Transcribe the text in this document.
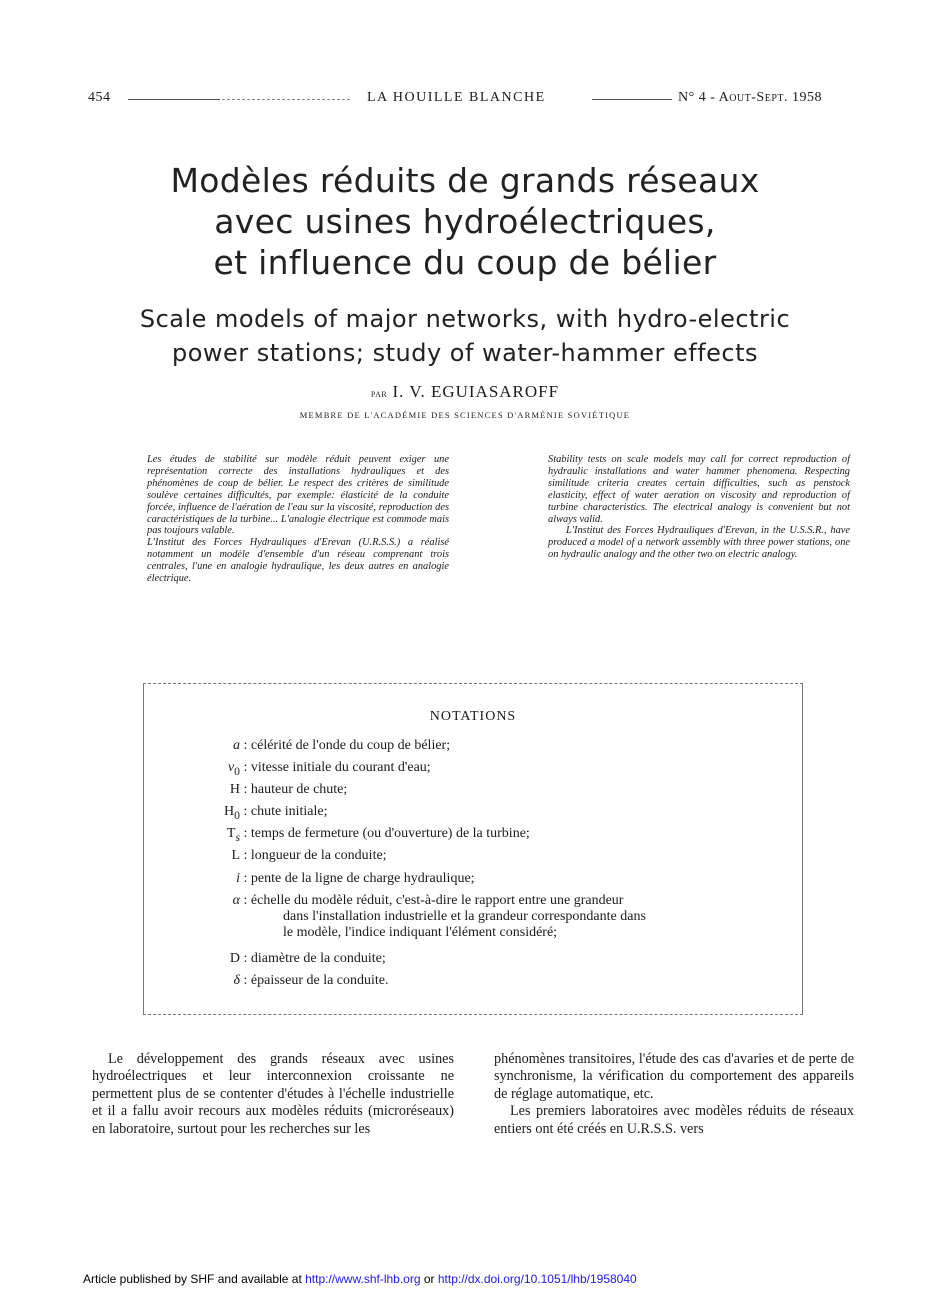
454	LA HOUILLE BLANCHE	N° 4 - Aout-Sept. 1958
Modèles réduits de grands réseaux
avec usines hydroélectriques,
et influence du coup de bélier
Scale models of major networks, with hydro-electric
power stations; study of water-hammer effects
par I. V. EGUIASAROFF
MEMBRE DE L'ACADÉMIE DES SCIENCES D'ARMÉNIE SOVIÉTIQUE

Les études de stabilité sur modèle réduit peuvent exiger une représentation correcte des installations hydrauliques et des phénomènes de coup de bélier. Le respect des critères de similitude soulève certaines difficultés, par exemple: élasticité de la conduite forcée, influence de l'aération de l'eau sur la viscosité, reproduction des caractéristiques de la turbine... L'analogie électrique est commode mais pas toujours valable.

L'Institut des Forces Hydrauliques d'Erevan (U.R.S.S.) a réalisé notamment un modèle d'ensemble d'un réseau comprenant trois centrales, l'une en analogie hydraulique, les deux autres en analogie électrique.

Stability tests on scale models may call for correct reproduction of hydraulic installations and water hammer phenomena. Respecting similitude criteria creates certain difficulties, such as penstock elasticity, effect of water aeration on viscosity and reproduction of turbine characteristics. The electrical analogy is convenient but not always valid.

L'Institut des Forces Hydrauliques d'Erevan, in the U.S.S.R., have produced a model of a network assembly with three power stations, one on hydraulic analogy and the other two on electric analogy.

NOTATIONS
a : célérité de l'onde du coup de bélier;
$v_0$ : vitesse initiale du courant d'eau;
H : hauteur de chute;
$H_0$ : chute initiale;
$T_s$ : temps de fermeture (ou d'ouverture) de la turbine;
L : longueur de la conduite;
i : pente de la ligne de charge hydraulique;
α : échelle du modèle réduit, c'est-à-dire le rapport entre une grandeur
dans l'installation industrielle et la grandeur correspondante dans
le modèle, l'indice indiquant l'élément considéré;
D : diamètre de la conduite;
δ : épaisseur de la conduite.

Le développement des grands réseaux avec usines hydroélectriques et leur interconnexion croissante ne permettent plus de se contenter d'études à l'échelle industrielle et il a fallu avoir recours aux modèles réduits (microréseaux) en laboratoire, surtout pour les recherches sur les

phénomènes transitoires, l'étude des cas d'avaries et de perte de synchronisme, la vérification du comportement des appareils de réglage automatique, etc.

Les premiers laboratoires avec modèles réduits de réseaux entiers ont été créés en U.R.S.S. vers

Article published by SHF and available at http://www.shf-lhb.org or http://dx.doi.org/10.1051/lhb/1958040
